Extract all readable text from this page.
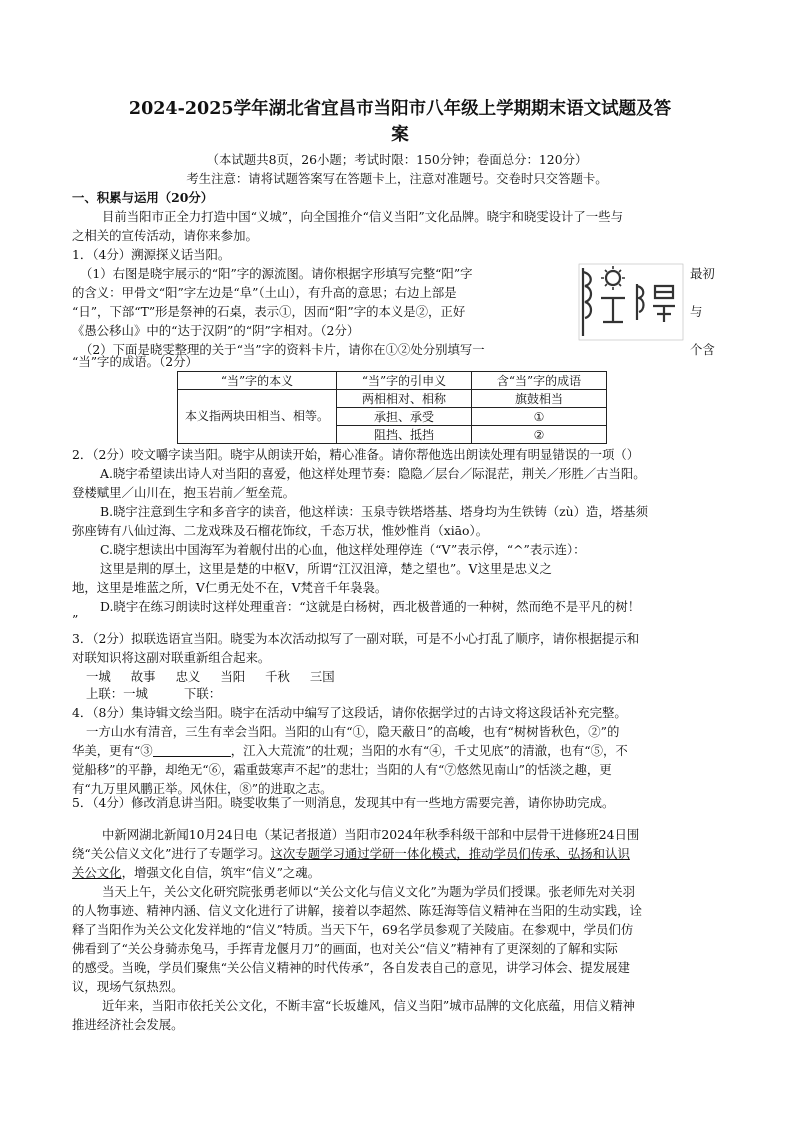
2024-2025学年湖北省宜昌市当阳市八年级上学期期末语文试题及答

案

（本试题共8页，26小题；考试时限：150分钟；卷面总分：120分）

考生注意：请将试题答案写在答题卡上，注意对准题号。交卷时只交答题卡。

一、积累与运用（20分）

目前当阳市正全力打造中国“义城”，向全国推介“信义当阳”文化品牌。晓宇和晓雯设计了一些与

之相关的宣传活动，请你来参加。

1．（4分）溯源探义话当阳。

（1）右图是晓宇展示的“阳”字的源流图。请你根据字形填写完整“阳”字	最初

的含义：甲骨文“阳”字左边是“阜”（土山），有升高的意思；右边上部是

“日”，下部“T”形是祭神的石桌，表示①，因而“阳”字的本义是②，正好	与

《愚公移山》中的“达于汉阴”的“阴”字相对。（2分）

（2）下面是晓雯整理的关于“当”字的资料卡片，请你在①②处分别填写一	个含

“当”字的成语。（2分）

“当”字的本义	“当”字的引申义	含“当”字的成语
本义指两块田相当、相等。	两相相对、相称	旗鼓相当
	承担、承受	①
	阻挡、抵挡	②

2．（2分）咬文嚼字读当阳。晓宇从朗读开始，精心准备。请你帮他选出朗读处理有明显错误的一项（）

A.晓宇希望读出诗人对当阳的喜爱，他这样处理节奏：隐隐／层台／际混茫，荆关／形胜／古当阳。

登楼赋里／山川在，抱玉岩前／堑垒荒。

B.晓宇注意到生字和多音字的读音，他这样读：玉泉寺铁塔塔基、塔身均为生铁铸（zù）造，塔基须

弥座铸有八仙过海、二龙戏珠及石榴花饰纹，千态万状，惟妙惟肖（xiāo）。

C.晓宇想读出中国海军为着舰付出的心血，他这样处理停连（“V”表示停，“^”表示连）：

这里是荆的厚土，这里是楚的中枢V，所谓“江汉沮漳，楚之望也”。V这里是忠义之

地，这里是堆蓝之所，V仁勇无处不在，V梵音千年袅袅。

D.晓宇在练习朗读时这样处理重音：“这就是白杨树，西北极普通的一种树，然而绝不是平凡的树！

”

3．（2分）拟联选语宣当阳。晓雯为本次活动拟写了一副对联，可是不小心打乱了顺序，请你根据提示和

对联知识将这副对联重新组合起来。

一城 故事 忠义 当阳 千秋 三国

上联：一城	下联：

4．（8分）集诗辑文绘当阳。晓宇在活动中编写了这段话，请你依据学过的古诗文将这段话补充完整。

一方山水有清音，三生有幸会当阳。当阳的山有“①，隐天蔽日”的高峻，也有“树树皆秋色，②”的

华美，更有“③	，江入大荒流”的壮观；当阳的水有“④，千丈见底”的清澈，也有“⑤，不

觉船移”的平静，却绝无“⑥，霜重鼓寒声不起”的悲壮；当阳的人有“⑦悠然见南山”的恬淡之趣，更

有“九万里风鹏正举。风休住，⑧”的进取之志。

5．（4分）修改消息讲当阳。晓雯收集了一则消息，发现其中有一些地方需要完善，请你协助完成。

中新网湖北新闻10月24日电（某记者报道）当阳市2024年秋季科级干部和中层骨干进修班24日围

绕“关公信义文化”进行了专题学习。这次专题学习通过学研一体化模式，推动学员们传承、弘扬和认识

关公文化，增强文化自信，筑牢“信义”之魂。

当天上午，关公文化研究院张勇老师以“关公文化与信义文化”为题为学员们授课。张老师先对关羽

的人物事迹、精神内涵、信义文化进行了讲解，接着以李超然、陈廷海等信义精神在当阳的生动实践，诠

释了当阳作为关公文化发祥地的“信义”特质。当天下午，69名学员参观了关陵庙。在参观中，学员们仿

佛看到了“关公身骑赤兔马，手挥青龙偃月刀”的画面，也对关公“信义”精神有了更深刻的了解和实际

的感受。当晚，学员们聚焦“关公信义精神的时代传承”，各自发表自己的意见，讲学习体会、提发展建

议，现场气氛热烈。

近年来，当阳市依托关公文化，不断丰富“长坂雄风，信义当阳”城市品牌的文化底蕴，用信义精神

推进经济社会发展。
